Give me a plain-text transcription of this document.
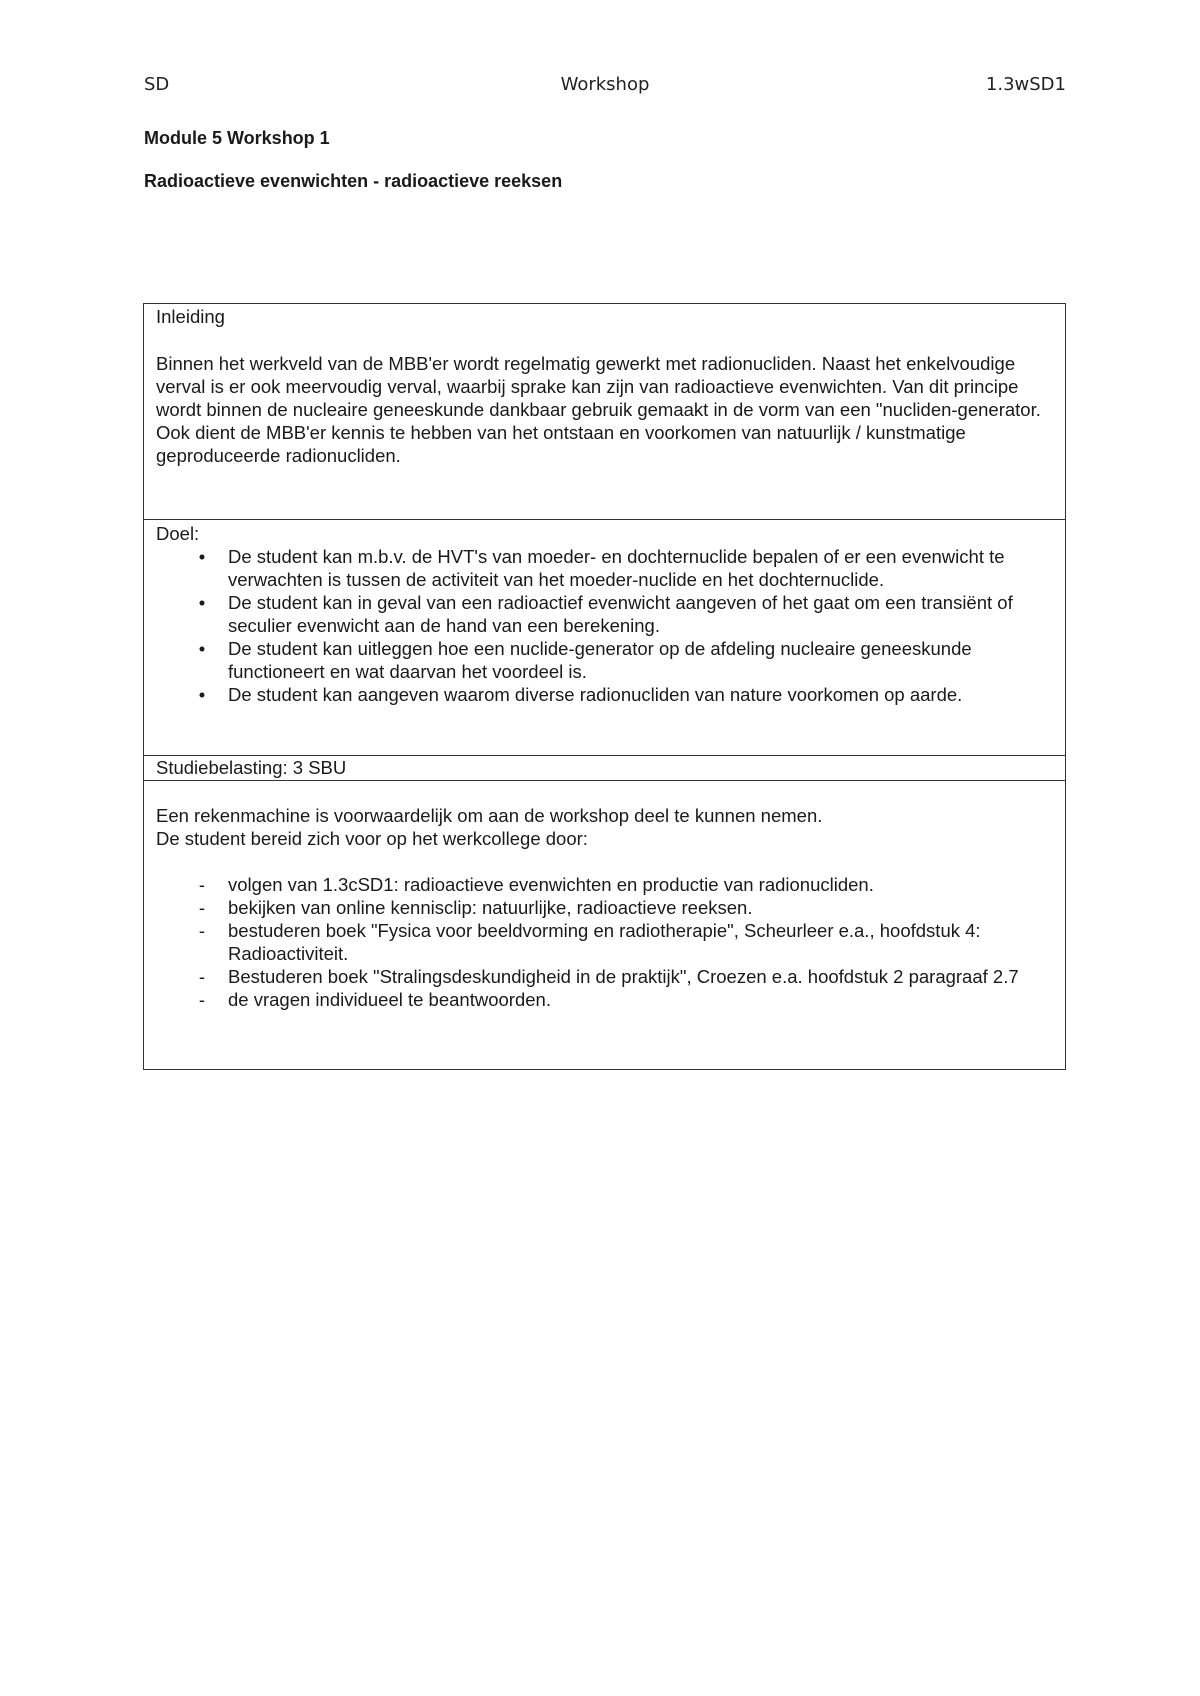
SD	Workshop	1.3wSD1
Module 5 Workshop 1
Radioactieve evenwichten - radioactieve reeksen

Inleiding

Binnen het werkveld van de MBB'er wordt regelmatig gewerkt met radionucliden. Naast het enkelvoudige verval is er ook meervoudig verval, waarbij sprake kan zijn van radioactieve evenwichten. Van dit principe wordt binnen de nucleaire geneeskunde dankbaar gebruik gemaakt in de vorm van een "nucliden-generator.

Ook dient de MBB'er kennis te hebben van het ontstaan en voorkomen van natuurlijk / kunstmatige geproduceerde radionucliden.

Doel:

•	De student kan m.b.v. de HVT's van moeder- en dochternuclide bepalen of er een evenwicht te verwachten is tussen de activiteit van het moeder-nuclide en het dochternuclide.
•	De student kan in geval van een radioactief evenwicht aangeven of het gaat om een transiënt of seculier evenwicht aan de hand van een berekening.
•	De student kan uitleggen hoe een nuclide-generator op de afdeling nucleaire geneeskunde functioneert en wat daarvan het voordeel is.
•	De student kan aangeven waarom diverse radionucliden van nature voorkomen op aarde.
Studiebelasting: 3 SBU

Een rekenmachine is voorwaardelijk om aan de workshop deel te kunnen nemen.

De student bereid zich voor op het werkcollege door:

-	volgen van 1.3cSD1: radioactieve evenwichten en productie van radionucliden.
-	bekijken van online kennisclip: natuurlijke, radioactieve reeksen.
-	bestuderen boek "Fysica voor beeldvorming en radiotherapie", Scheurleer e.a., hoofdstuk 4: Radioactiviteit.
-	Bestuderen boek "Stralingsdeskundigheid in de praktijk", Croezen e.a. hoofdstuk 2 paragraaf 2.7
-	de vragen individueel te beantwoorden.
